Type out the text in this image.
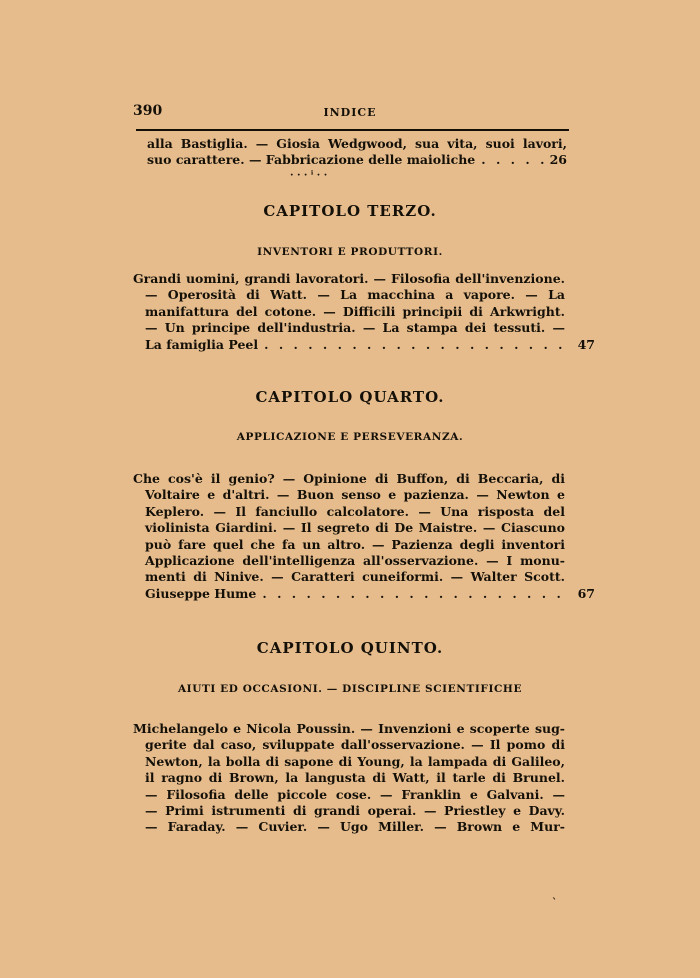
390	INDICE
alla Bastiglia. — Giosia Wedgwood, sua vita, suoi lavori,
suo carattere. — Fabbricazione delle maioliche . . .	26
· · · ⁱ · ·
CAPITOLO TERZO.
INVENTORI E PRODUTTORI.
Grandi uomini, grandi lavoratori. — Filosofia dell'invenzione.
— Operosità di Watt. — La macchina a vapore. — La
manifattura del cotone. — Difficili principii di Arkwright.
— Un principe dell'industria. — La stampa dei tessuti. —
La famiglia Peel . . .	47
CAPITOLO QUARTO.
APPLICAZIONE E PERSEVERANZA.
Che cos'è il genio? — Opinione di Buffon, di Beccaria, di
Voltaire e d'altri. — Buon senso e pazienza. — Newton e
Keplero. — Il fanciullo calcolatore. — Una risposta del
violinista Giardini. — Il segreto di De Maistre. — Ciascuno
può fare quel che fa un altro. — Pazienza degli inventori
Applicazione dell'intelligenza all'osservazione. — I monu-
menti di Ninive. — Caratteri cuneiformi. — Walter Scott.
Giuseppe Hume . . .	67
CAPITOLO QUINTO.
AIUTI ED OCCASIONI. — DISCIPLINE SCIENTIFICHE
Michelangelo e Nicola Poussin. — Invenzioni e scoperte sug-
gerite dal caso, sviluppate dall'osservazione. — Il pomo di
Newton, la bolla di sapone di Young, la lampada di Galileo,
il ragno di Brown, la langusta di Watt, il tarle di Brunel.
— Filosofia delle piccole cose. — Franklin e Galvani. —
— Primi istrumenti di grandi operai. — Priestley e Davy.
— Faraday. — Cuvier. — Ugo Miller. — Brown e Mur-
ˋ
